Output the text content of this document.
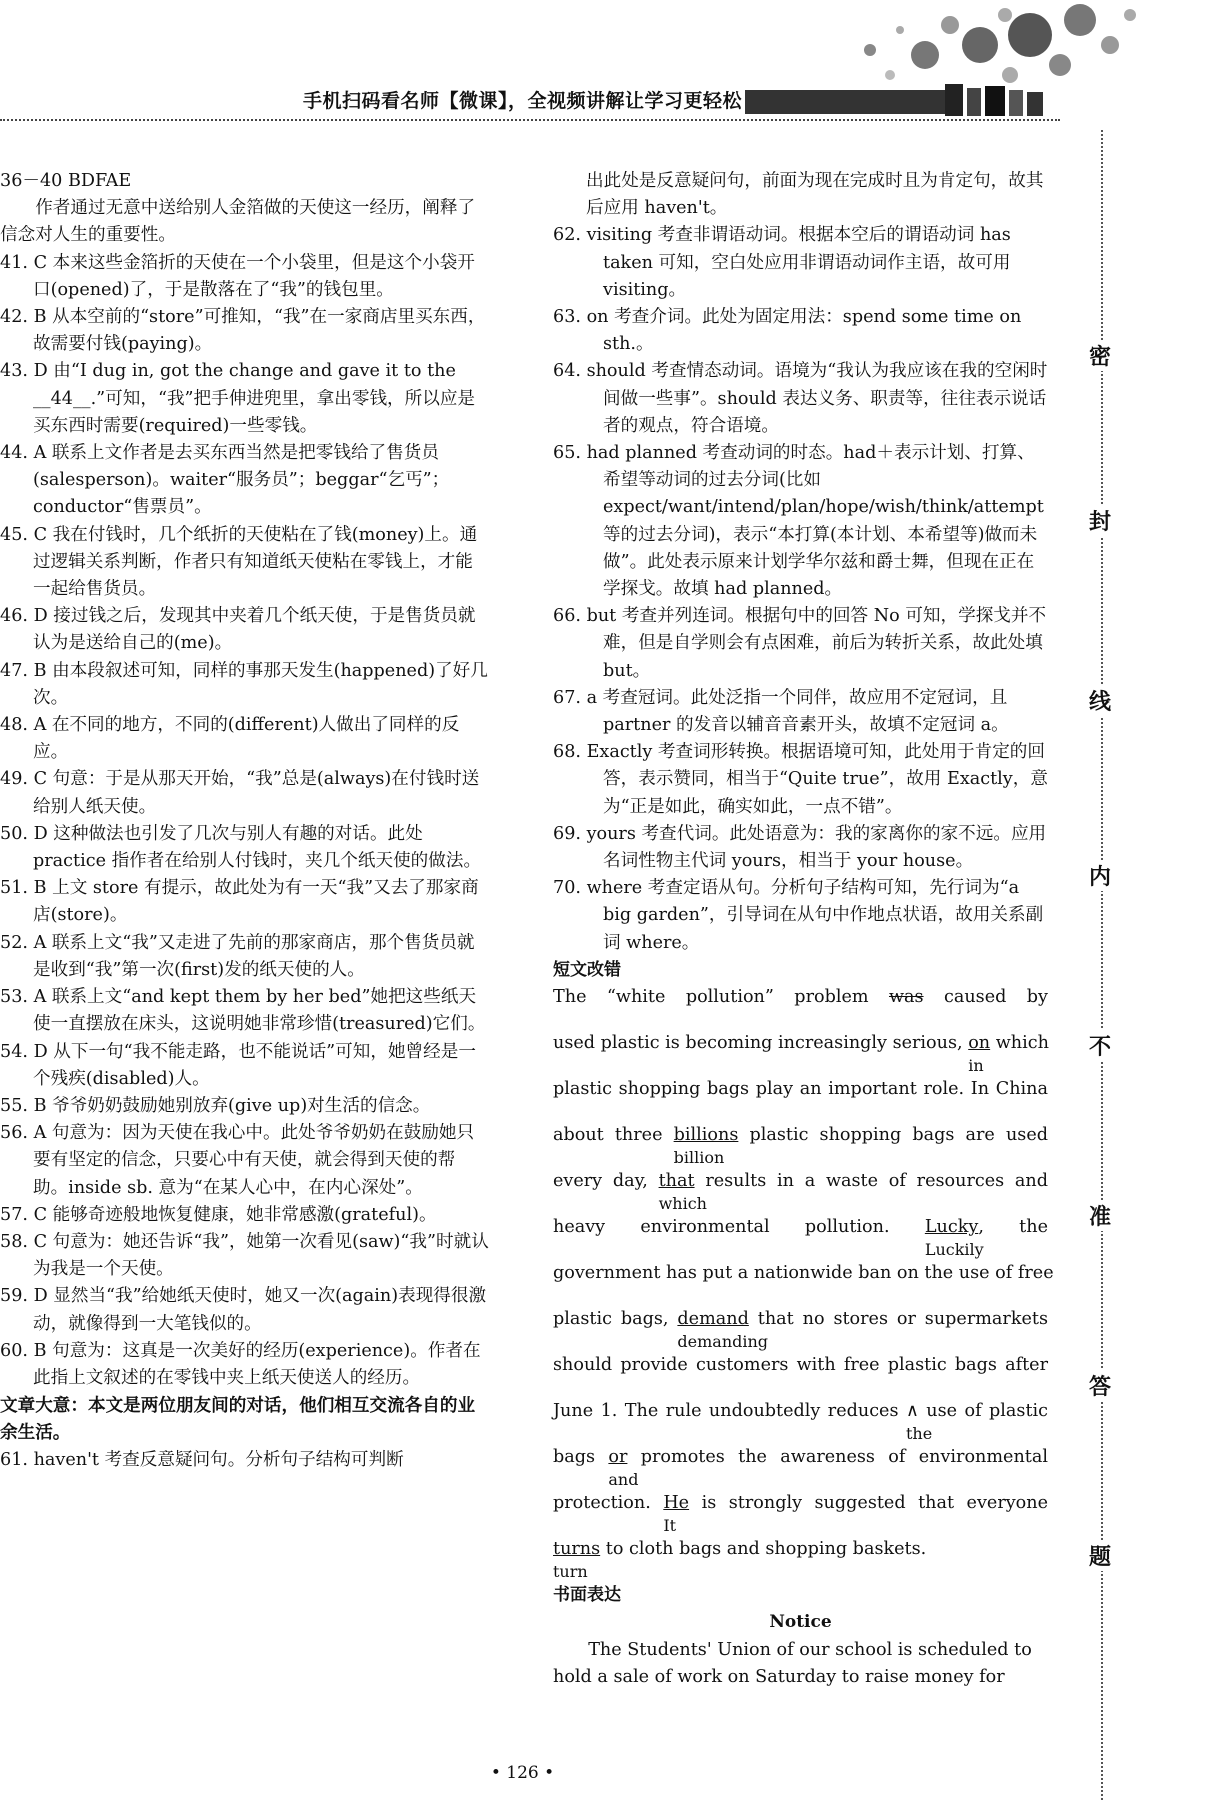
手机扫码看名师【微课】，全视频讲解让学习更轻松
36－40 BDFAE
作者通过无意中送给别人金箔做的天使这一经历，阐释了信念对人生的重要性。
41. C 本来这些金箔折的天使在一个小袋里，但是这个小袋开口(opened)了，于是散落在了“我”的钱包里。
42. B 从本空前的“store”可推知，“我”在一家商店里买东西，故需要付钱(paying)。
43. D 由“I dug in, got the change and gave it to the __44__.”可知，“我”把手伸进兜里，拿出零钱，所以应是买东西时需要(required)一些零钱。
44. A 联系上文作者是去买东西当然是把零钱给了售货员(salesperson)。waiter“服务员”；beggar“乞丐”；conductor“售票员”。
45. C 我在付钱时，几个纸折的天使粘在了钱(money)上。通过逻辑关系判断，作者只有知道纸天使粘在零钱上，才能一起给售货员。
46. D 接过钱之后，发现其中夹着几个纸天使，于是售货员就认为是送给自己的(me)。
47. B 由本段叙述可知，同样的事那天发生(happened)了好几次。
48. A 在不同的地方，不同的(different)人做出了同样的反应。
49. C 句意：于是从那天开始，“我”总是(always)在付钱时送给别人纸天使。
50. D 这种做法也引发了几次与别人有趣的对话。此处 practice 指作者在给别人付钱时，夹几个纸天使的做法。
51. B 上文 store 有提示，故此处为有一天“我”又去了那家商店(store)。
52. A 联系上文“我”又走进了先前的那家商店，那个售货员就是收到“我”第一次(first)发的纸天使的人。
53. A 联系上文“and kept them by her bed”她把这些纸天使一直摆放在床头，这说明她非常珍惜(treasured)它们。
54. D 从下一句“我不能走路，也不能说话”可知，她曾经是一个残疾(disabled)人。
55. B 爷爷奶奶鼓励她别放弃(give up)对生活的信念。
56. A 句意为：因为天使在我心中。此处爷爷奶奶在鼓励她只要有坚定的信念，只要心中有天使，就会得到天使的帮助。inside sb. 意为“在某人心中，在内心深处”。
57. C 能够奇迹般地恢复健康，她非常感激(grateful)。
58. C 句意为：她还告诉“我”，她第一次看见(saw)“我”时就认为我是一个天使。
59. D 显然当“我”给她纸天使时，她又一次(again)表现得很激动，就像得到一大笔钱似的。
60. B 句意为：这真是一次美好的经历(experience)。作者在此指上文叙述的在零钱中夹上纸天使送人的经历。
文章大意：本文是两位朋友间的对话，他们相互交流各自的业余生活。
61. haven't 考查反意疑问句。分析句子结构可判断
出此处是反意疑问句，前面为现在完成时且为肯定句，故其后应用 haven't。
62. visiting 考查非谓语动词。根据本空后的谓语动词 has taken 可知，空白处应用非谓语动词作主语，故可用 visiting。
63. on 考查介词。此处为固定用法：spend some time on sth.。
64. should 考查情态动词。语境为“我认为我应该在我的空闲时间做一些事”。should 表达义务、职责等，往往表示说话者的观点，符合语境。
65. had planned 考查动词的时态。had＋表示计划、打算、希望等动词的过去分词(比如 expect/want/intend/plan/hope/wish/think/attempt 等的过去分词)，表示“本打算(本计划、本希望等)做而未做”。此处表示原来计划学华尔兹和爵士舞，但现在正在学探戈。故填 had planned。
66. but 考查并列连词。根据句中的回答 No 可知，学探戈并不难，但是自学则会有点困难，前后为转折关系，故此处填 but。
67. a 考查冠词。此处泛指一个同伴，故应用不定冠词，且 partner 的发音以辅音音素开头，故填不定冠词 a。
68. Exactly 考查词形转换。根据语境可知，此处用于肯定的回答，表示赞同，相当于“Quite true”，故用 Exactly，意为“正是如此，确实如此，一点不错”。
69. yours 考查代词。此处语意为：我的家离你的家不远。应用名词性物主代词 yours，相当于 your house。
70. where 考查定语从句。分析句子结构可知，先行词为“a big garden”，引导词在从句中作地点状语，故用关系副词 where。
短文改错
The “white pollution” problem was caused by
used plastic is becoming increasingly serious, $\frac{on}{in}$ which
plastic shopping bags play an important role. In China
about three billions
billion
plastic shopping bags are used
every day, that
which
results in a waste of resources and
heavy environmental pollution. Lucky
Luckily
, the
government has put a nationwide ban on the use of free
plastic bags, demand
demanding
that no stores or supermarkets
should provide customers with free plastic bags after
June 1. The rule undoubtedly reduces ∧
the
use of plastic
bags or
and
promotes the awareness of environmental
protection. $\frac{He}{It}$ is strongly suggested that everyone
turns
turn
to cloth bags and shopping baskets.
书面表达
Notice
The Students' Union of our school is scheduled to hold a sale of work on Saturday to raise money for
密
封
线
内
不
准
答
题
• 126 •
